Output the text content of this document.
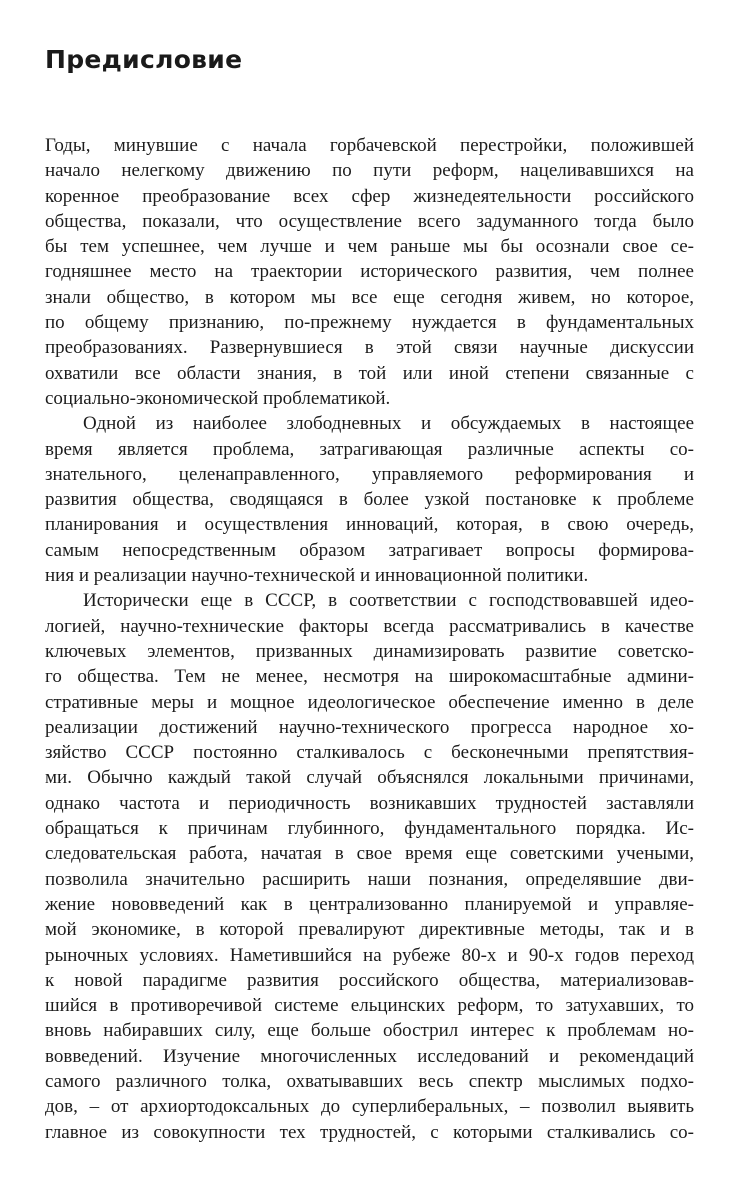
Предисловие
Годы, минувшие с начала горбачевской перестройки, положившей
начало нелегкому движению по пути реформ, нацеливавшихся на
коренное преобразование всех сфер жизнедеятельности российского
общества, показали, что осуществление всего задуманного тогда было
бы тем успешнее, чем лучше и чем раньше мы бы осознали свое се-
годняшнее место на траектории исторического развития, чем полнее
знали общество, в котором мы все еще сегодня живем, но которое,
по общему признанию, по-прежнему нуждается в фундаментальных
преобразованиях. Развернувшиеся в этой связи научные дискуссии
охватили все области знания, в той или иной степени связанные с
социально-экономической проблематикой.
Одной из наиболее злободневных и обсуждаемых в настоящее
время является проблема, затрагивающая различные аспекты со-
знательного, целенаправленного, управляемого реформирования и
развития общества, сводящаяся в более узкой постановке к проблеме
планирования и осуществления инноваций, которая, в свою очередь,
самым непосредственным образом затрагивает вопросы формирова-
ния и реализации научно-технической и инновационной политики.
Исторически еще в СССР, в соответствии с господствовавшей идео-
логией, научно-технические факторы всегда рассматривались в качестве
ключевых элементов, призванных динамизировать развитие советско-
го общества. Тем не менее, несмотря на широкомасштабные админи-
стративные меры и мощное идеологическое обеспечение именно в деле
реализации достижений научно-технического прогресса народное хо-
зяйство СССР постоянно сталкивалось с бесконечными препятствия-
ми. Обычно каждый такой случай объяснялся локальными причинами,
однако частота и периодичность возникавших трудностей заставляли
обращаться к причинам глубинного, фундаментального порядка. Ис-
следовательская работа, начатая в свое время еще советскими учеными,
позволила значительно расширить наши познания, определявшие дви-
жение нововведений как в централизованно планируемой и управляе-
мой экономике, в которой превалируют директивные методы, так и в
рыночных условиях. Наметившийся на рубеже 80-х и 90-х годов переход
к новой парадигме развития российского общества, материализовав-
шийся в противоречивой системе ельцинских реформ, то затухавших, то
вновь набиравших силу, еще больше обострил интерес к проблемам но-
вовведений. Изучение многочисленных исследований и рекомендаций
самого различного толка, охватывавших весь спектр мыслимых подхо-
дов, – от архиортодоксальных до суперлиберальных, – позволил выявить
главное из совокупности тех трудностей, с которыми сталкивались со-
